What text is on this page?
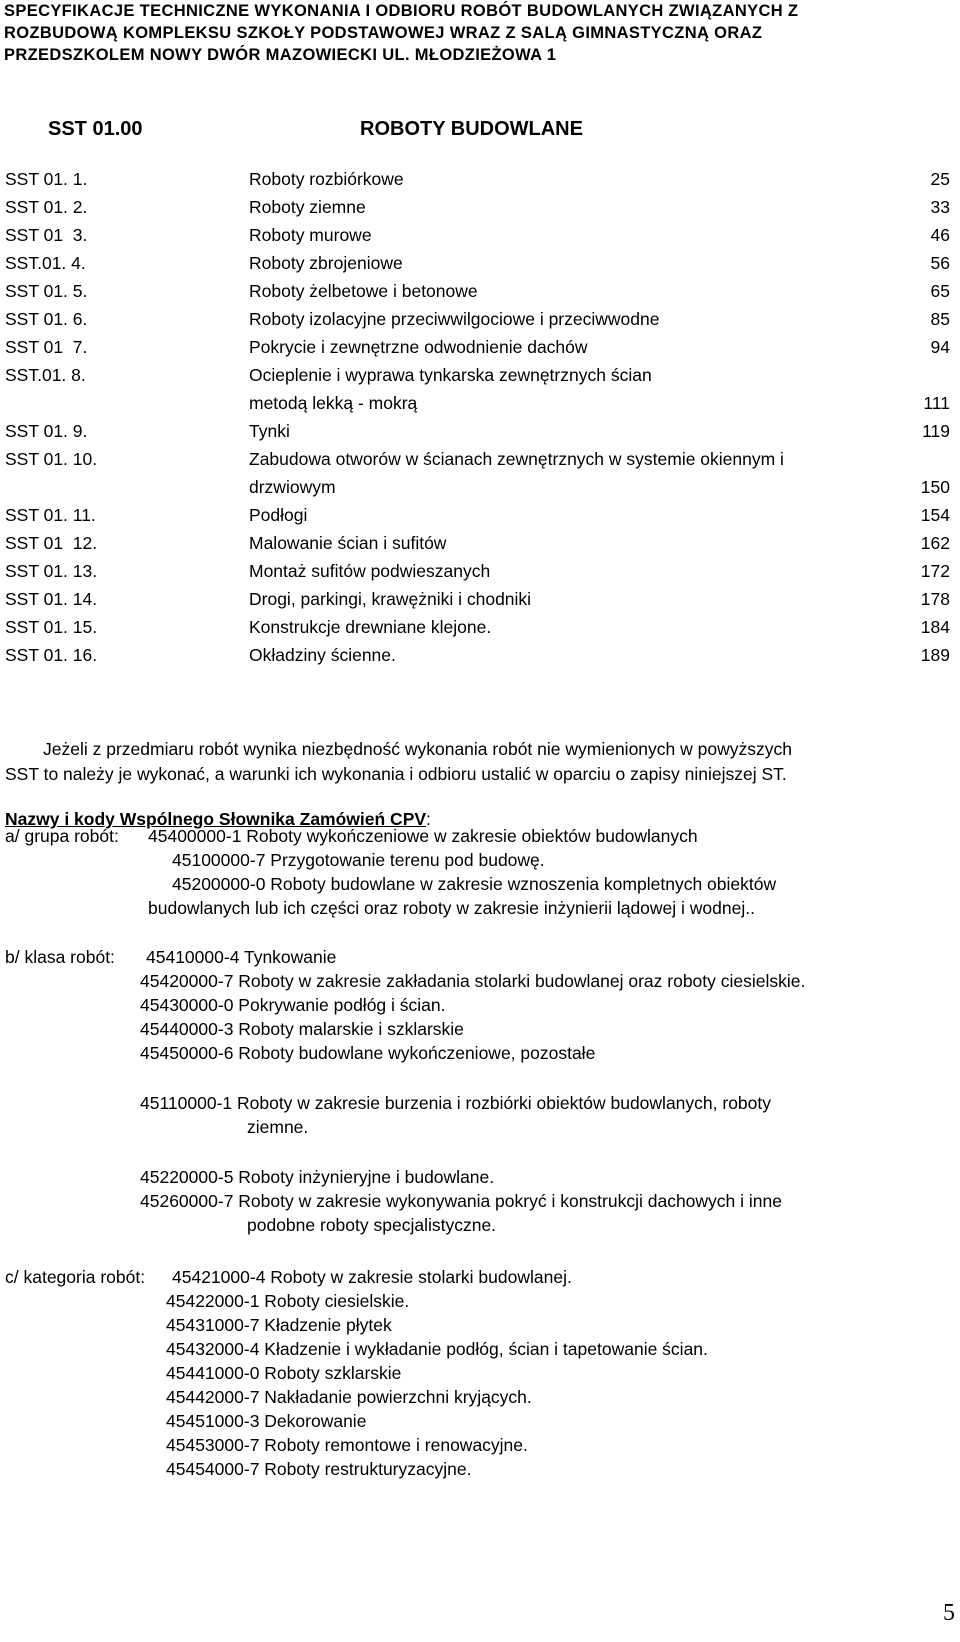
SPECYFIKACJE TECHNICZNE WYKONANIA I ODBIORU ROBÓT BUDOWLANYCH ZWIĄZANYCH Z
ROZBUDOWĄ KOMPLEKSU SZKOŁY PODSTAWOWEJ WRAZ Z SALĄ GIMNASTYCZNĄ ORAZ
PRZEDSZKOLEM NOWY DWÓR MAZOWIECKI UL. MŁODZIEŻOWA 1
SST 01.00	ROBOTY BUDOWLANE
SST 01. 1.	Roboty rozbiórkowe	25
SST 01. 2.	Roboty ziemne	33
SST 01  3.	Roboty murowe	46
SST.01. 4.	Roboty zbrojeniowe	56
SST 01. 5.	Roboty żelbetowe i betonowe	65
SST 01. 6.	Roboty izolacyjne przeciwwilgociowe i przeciwwodne	85
SST 01  7.	Pokrycie i zewnętrzne odwodnienie dachów	94
SST.01. 8.	Ocieplenie i wyprawa tynkarska zewnętrznych ścian
metodą lekką - mokrą	111
SST 01. 9.	Tynki	119
SST 01. 10.	Zabudowa otworów w ścianach zewnętrznych w systemie okiennym i
drzwiowym	150
SST 01. 11.	Podłogi	154
SST 01  12.	Malowanie ścian i sufitów	162
SST 01. 13.	Montaż sufitów podwieszanych	172
SST 01. 14.	Drogi, parkingi, krawężniki i chodniki	178
SST 01. 15.	Konstrukcje drewniane klejone.	184
SST 01. 16.	Okładziny ścienne.	189
Jeżeli z przedmiaru robót wynika niezbędność wykonania robót nie wymienionych w powyższych
SST to należy je wykonać, a warunki ich wykonania i odbioru ustalić w oparciu o zapisy niniejszej ST.
Nazwy i kody Wspólnego Słownika Zamówień CPV:
a/ grupa robót: 45400000-1 Roboty wykończeniowe w zakresie obiektów budowlanych
45100000-7 Przygotowanie terenu pod budowę.
45200000-0 Roboty budowlane w zakresie wznoszenia kompletnych obiektów
budowlanych lub ich części oraz roboty w zakresie inżynierii lądowej i wodnej..
b/ klasa robót: 45410000-4 Tynkowanie
45420000-7 Roboty w zakresie zakładania stolarki budowlanej oraz roboty ciesielskie.
45430000-0 Pokrywanie podłóg i ścian.
45440000-3 Roboty malarskie i szklarskie
45450000-6 Roboty budowlane wykończeniowe, pozostałe
45110000-1 Roboty w zakresie burzenia i rozbiórki obiektów budowlanych, roboty
ziemne.
45220000-5 Roboty inżynieryjne i budowlane.
45260000-7 Roboty w zakresie wykonywania pokryć i konstrukcji dachowych i inne
podobne roboty specjalistyczne.
c/ kategoria robót: 45421000-4 Roboty w zakresie stolarki budowlanej.
45422000-1 Roboty ciesielskie.
45431000-7 Kładzenie płytek
45432000-4 Kładzenie i wykładanie podłóg, ścian i tapetowanie ścian.
45441000-0 Roboty szklarskie
45442000-7 Nakładanie powierzchni kryjących.
45451000-3 Dekorowanie
45453000-7 Roboty remontowe i renowacyjne.
45454000-7 Roboty restrukturyzacyjne.
5
